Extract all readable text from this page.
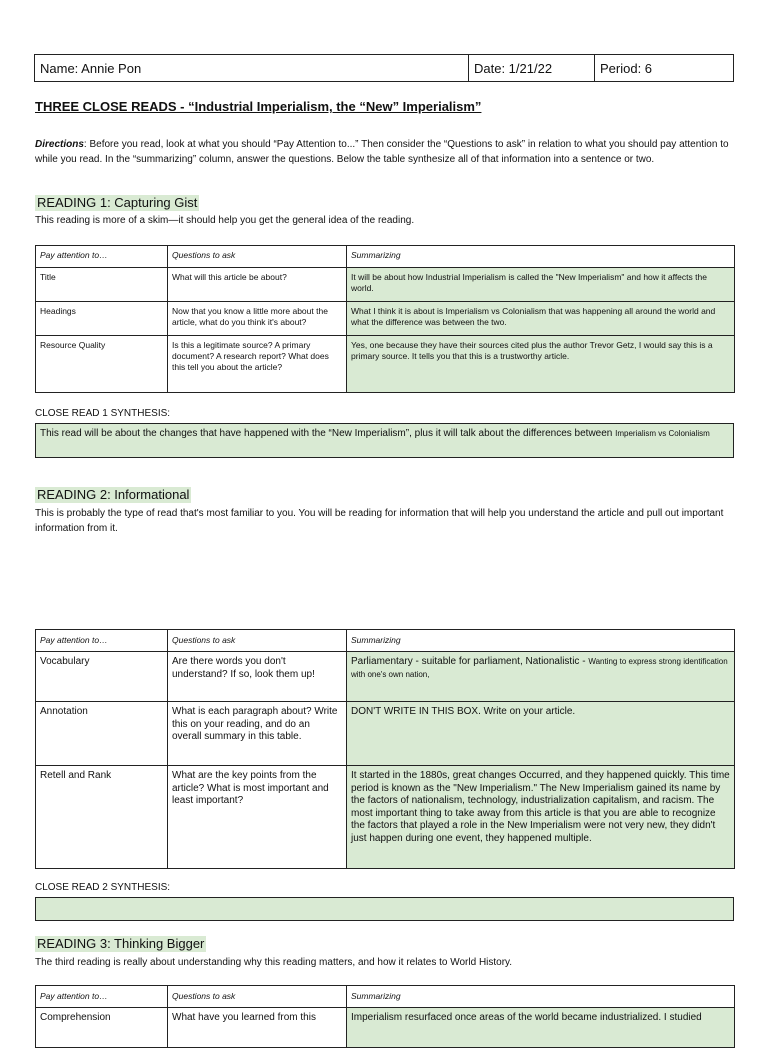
Name: Annie Pon	Date: 1/21/22	Period: 6
THREE CLOSE READS - “Industrial Imperialism, the “New” Imperialism”
Directions: Before you read, look at what you should “Pay Attention to...” Then consider the “Questions to ask” in relation to what you should pay attention to while you read. In the “summarizing” column, answer the questions. Below the table synthesize all of that information into a sentence or two.
READING 1: Capturing Gist
This reading is more of a skim—it should help you get the general idea of the reading.
Pay attention to…	Questions to ask	Summarizing
Title	What will this article be about?	It will be about how Industrial Imperialism is called the "New Imperialism" and how it affects the world.
Headings	Now that you know a little more about the article, what do you think it's about?	What I think it is about is Imperialism vs Colonialism that was happening all around the world and what the difference was between the two.
Resource Quality	Is this a legitimate source? A primary document? A research report? What does this tell you about the article?	Yes, one because they have their sources cited plus the author Trevor Getz, I would say this is a primary source. It tells you that this is a trustworthy article.
CLOSE READ 1 SYNTHESIS:
This read will be about the changes that have happened with the “New Imperialism”, plus it will talk about the differences between Imperialism vs Colonialism
READING 2: Informational
This is probably the type of read that's most familiar to you. You will be reading for information that will help you understand the article and pull out important information from it.
Pay attention to…	Questions to ask	Summarizing
Vocabulary	Are there words you don't understand? If so, look them up!	Parliamentary - suitable for parliament, Nationalistic - Wanting to express strong identification with one's own nation,
Annotation	What is each paragraph about? Write this on your reading, and do an overall summary in this table.	DON'T WRITE IN THIS BOX. Write on your article.
Retell and Rank	What are the key points from the article? What is most important and least important?	It started in the 1880s, great changes Occurred, and they happened quickly. This time period is known as the "New Imperialism." The New Imperialism gained its name by the factors of nationalism, technology, industrialization capitalism, and racism. The most important thing to take away from this article is that you are able to recognize the factors that played a role in the New Imperialism were not very new, they didn't just happen during one event, they happened multiple.
CLOSE READ 2 SYNTHESIS:
READING 3: Thinking Bigger
The third reading is really about understanding why this reading matters, and how it relates to World History.
Pay attention to…	Questions to ask	Summarizing
Comprehension	What have you learned from this	Imperialism resurfaced once areas of the world became industrialized. I studied
